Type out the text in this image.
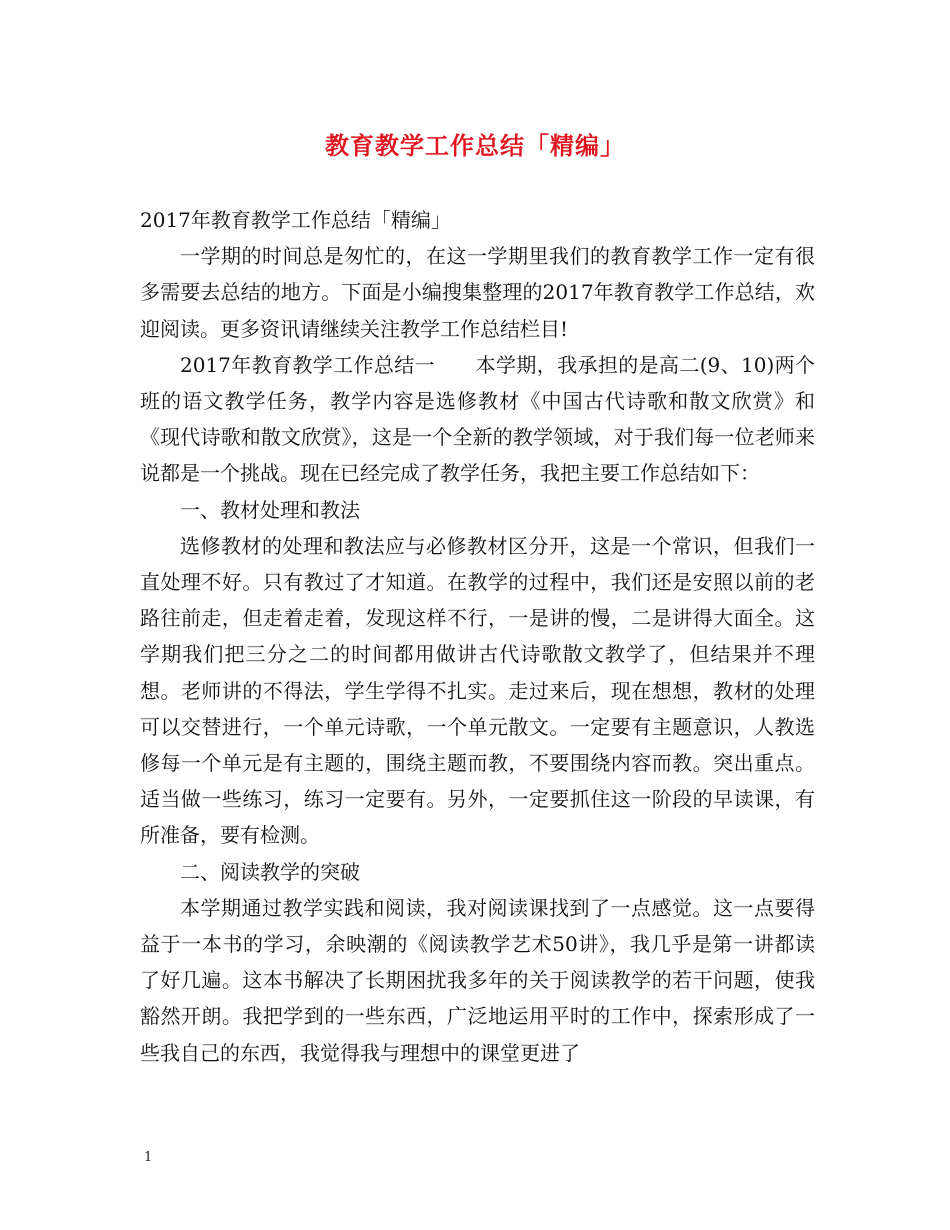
教育教学工作总结「精编」

2017年教育教学工作总结「精编」

一学期的时间总是匆忙的，在这一学期里我们的教育教学工作一定有很多需要去总结的地方。下面是小编搜集整理的2017年教育教学工作总结，欢迎阅读。更多资讯请继续关注教学工作总结栏目!

2017年教育教学工作总结一　　本学期，我承担的是高二(9、10)两个班的语文教学任务，教学内容是选修教材《中国古代诗歌和散文欣赏》和《现代诗歌和散文欣赏》，这是一个全新的教学领域，对于我们每一位老师来说都是一个挑战。现在已经完成了教学任务，我把主要工作总结如下：

一、教材处理和教法

选修教材的处理和教法应与必修教材区分开，这是一个常识，但我们一直处理不好。只有教过了才知道。在教学的过程中，我们还是安照以前的老路往前走，但走着走着，发现这样不行，一是讲的慢，二是讲得大面全。这学期我们把三分之二的时间都用做讲古代诗歌散文教学了，但结果并不理想。老师讲的不得法，学生学得不扎实。走过来后，现在想想，教材的处理可以交替进行，一个单元诗歌，一个单元散文。一定要有主题意识，人教选修每一个单元是有主题的，围绕主题而教，不要围绕内容而教。突出重点。适当做一些练习，练习一定要有。另外，一定要抓住这一阶段的早读课，有所准备，要有检测。

二、阅读教学的突破

本学期通过教学实践和阅读，我对阅读课找到了一点感觉。这一点要得益于一本书的学习，余映潮的《阅读教学艺术50讲》，我几乎是第一讲都读了好几遍。这本书解决了长期困扰我多年的关于阅读教学的若干问题，使我豁然开朗。我把学到的一些东西，广泛地运用平时的工作中，探索形成了一些我自己的东西，我觉得我与理想中的课堂更进了

1
